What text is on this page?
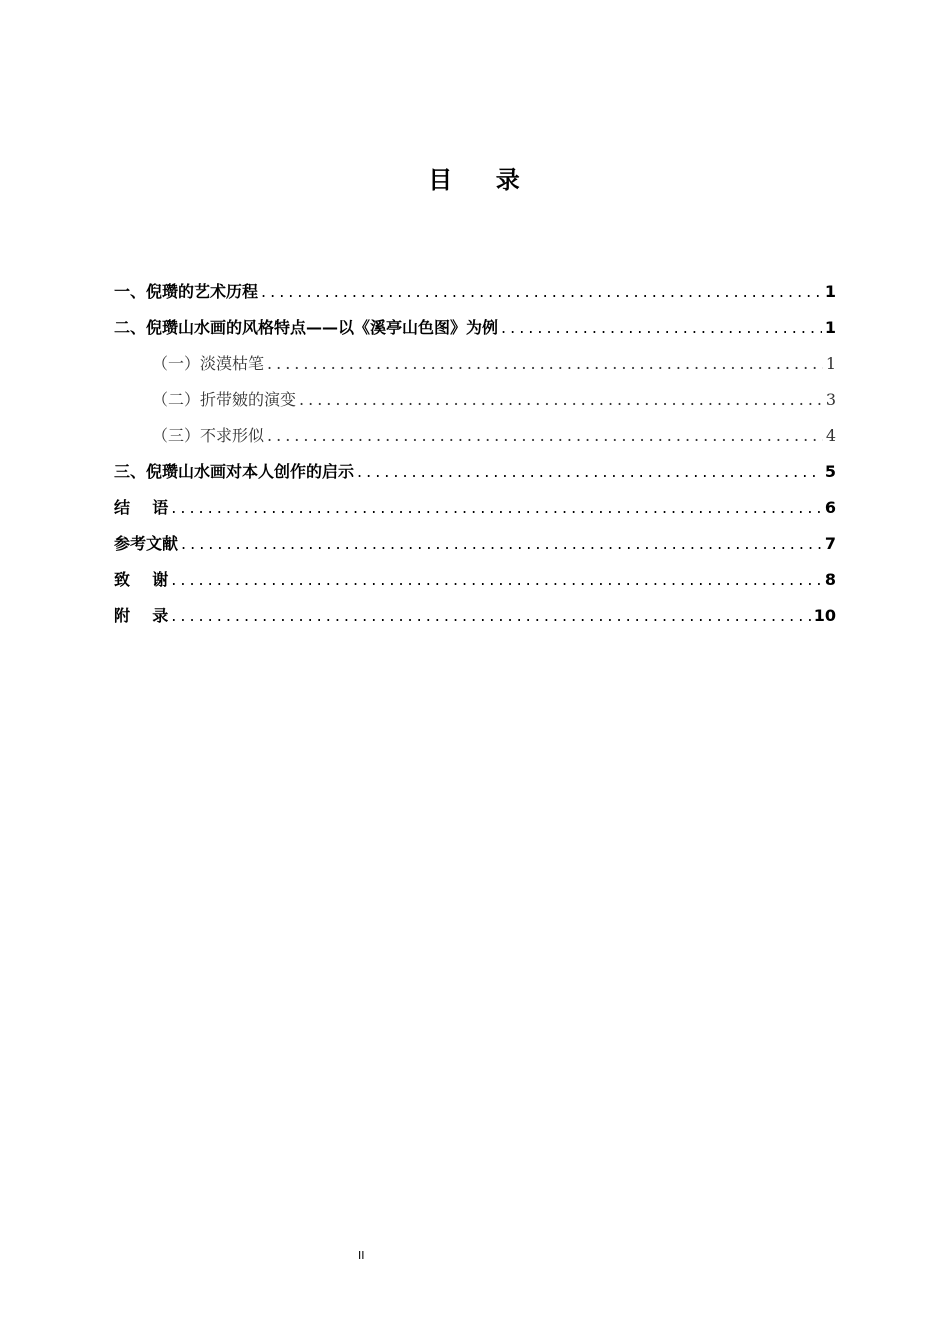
目    录
一、倪瓒的艺术历程 .....	1
二、倪瓒山水画的风格特点——以《溪亭山色图》为例 .....	1
（一）淡漠枯笔 .....	1
（二）折带皴的演变 .....	3
（三）不求形似 .....	4
三、倪瓒山水画对本人创作的启示 .....	5
结    语 .....	6
参考文献 .....	7
致    谢 .....	8
附    录 .....	10
II
